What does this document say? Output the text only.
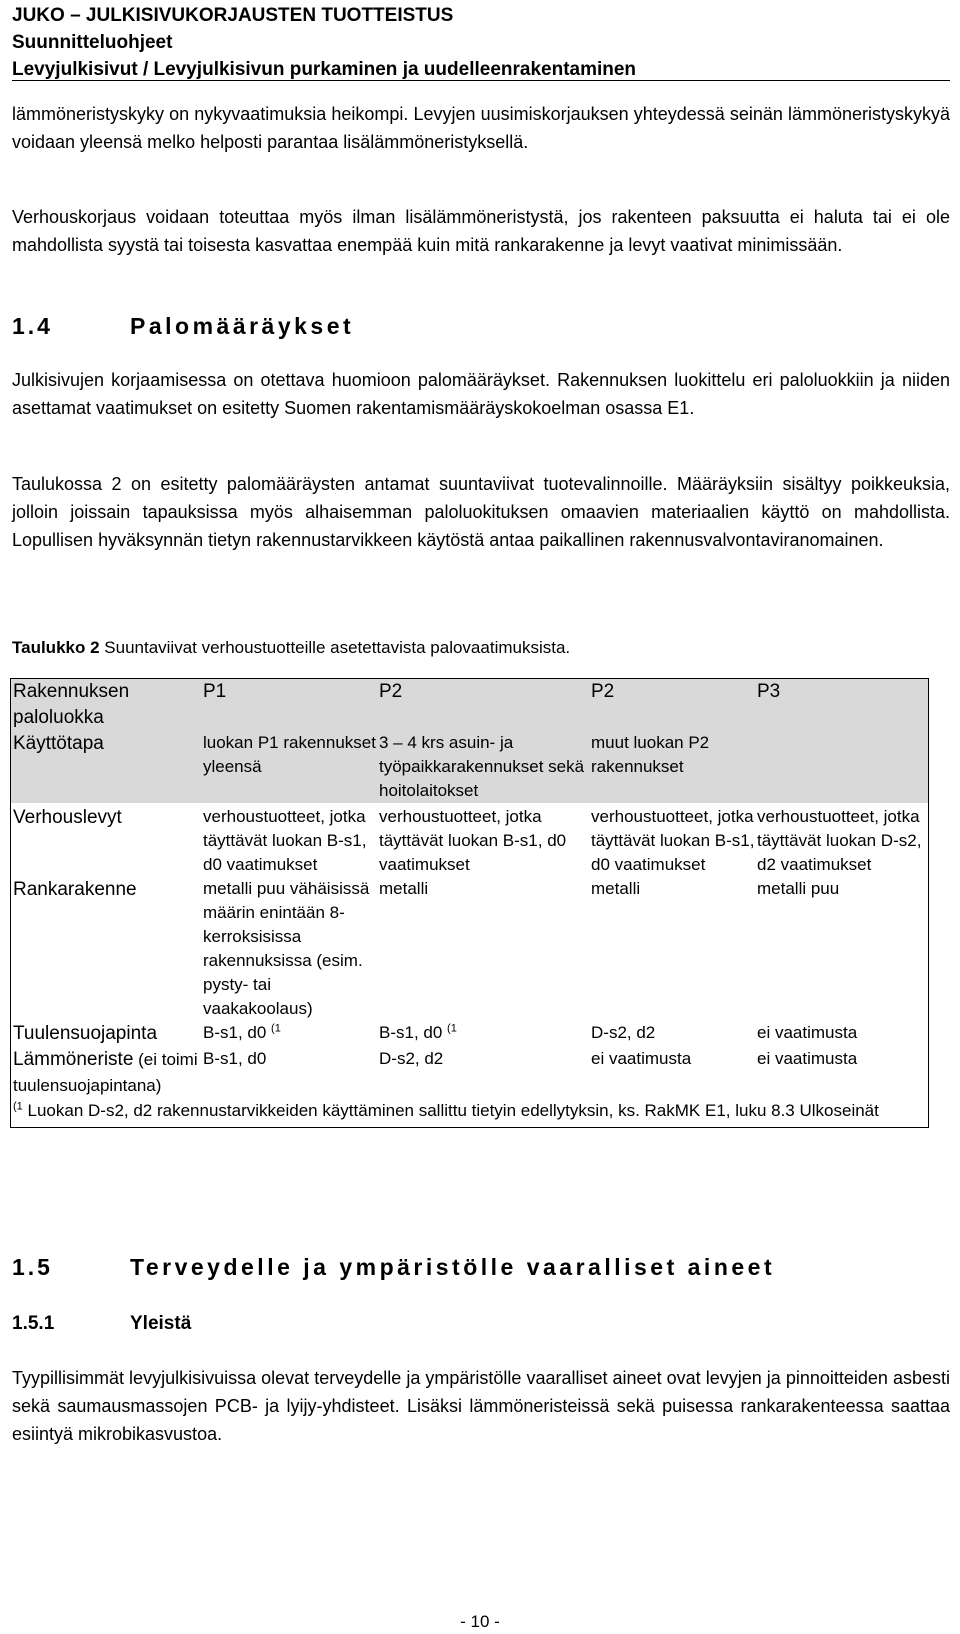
JUKO – JULKISIVUKORJAUSTEN TUOTTEISTUS
Suunnitteluohjeet
Levyjulkisivut / Levyjulkisivun purkaminen ja uudelleenrakentaminen

lämmöneristyskyky on nykyvaatimuksia heikompi. Levyjen uusimiskorjauksen yhteydessä seinän lämmöneristyskykyä voidaan yleensä melko helposti parantaa lisälämmöneristyksellä.

Verhouskorjaus voidaan toteuttaa myös ilman lisälämmöneristystä, jos rakenteen paksuutta ei haluta tai ei ole mahdollista syystä tai toisesta kasvattaa enempää kuin mitä rankarakenne ja levyt vaativat minimissään.

1.4	Palomääräykset

Julkisivujen korjaamisessa on otettava huomioon palomääräykset. Rakennuksen luokittelu eri paloluokkiin ja niiden asettamat vaatimukset on esitetty Suomen rakentamismääräyskokoelman osassa E1.

Taulukossa 2 on esitetty palomääräysten antamat suuntaviivat tuotevalinnoille. Määräyksiin sisältyy poikkeuksia, jolloin joissain tapauksissa myös alhaisemman paloluokituksen omaavien materiaalien käyttö on mahdollista. Lopullisen hyväksynnän tietyn rakennustarvikkeen käytöstä antaa paikallinen rakennusvalvontaviranomainen.

Taulukko 2 Suuntaviivat verhoustuotteille asetettavista palovaatimuksista.
Rakennuksen paloluokka	P1	P2	P2	P3
Käyttötapa	luokan P1 rakennukset yleensä	3 – 4 krs asuin- ja työpaikkarakennukset sekä hoitolaitokset	muut luokan P2 rakennukset	
Verhouslevyt	verhoustuotteet, jotka täyttävät luokan B-s1, d0 vaatimukset	verhoustuotteet, jotka täyttävät luokan B-s1, d0 vaatimukset	verhoustuotteet, jotka täyttävät luokan B-s1, d0 vaatimukset	verhoustuotteet, jotka täyttävät luokan D-s2, d2 vaatimukset
Rankarakenne	metalli puu vähäisissä määrin enintään 8-kerroksisissa rakennuksissa (esim. pysty- tai vaakakoolaus)	metalli	metalli	metalli puu
Tuulensuojapinta	B-s1, d0 $^{(1}$	B-s1, d0 $^{(1}$	D-s2, d2	ei vaatimusta
Lämmöneriste (ei toimi tuulensuojapintana)	B-s1, d0	D-s2, d2	ei vaatimusta	ei vaatimusta
$^{(1}$ Luokan D-s2, d2 rakennustarvikkeiden käyttäminen sallittu tietyin edellytyksin, ks. RakMK E1, luku 8.3 Ulkoseinät				
1.5	Terveydelle ja ympäristölle vaaralliset aineet
1.5.1	Yleistä

Tyypillisimmät levyjulkisivuissa olevat terveydelle ja ympäristölle vaaralliset aineet ovat levyjen ja pinnoitteiden asbesti sekä saumausmassojen PCB- ja lyijy-yhdisteet. Lisäksi lämmöneristeissä sekä puisessa rankarakenteessa saattaa esiintyä mikrobikasvustoa.

- 10 -
